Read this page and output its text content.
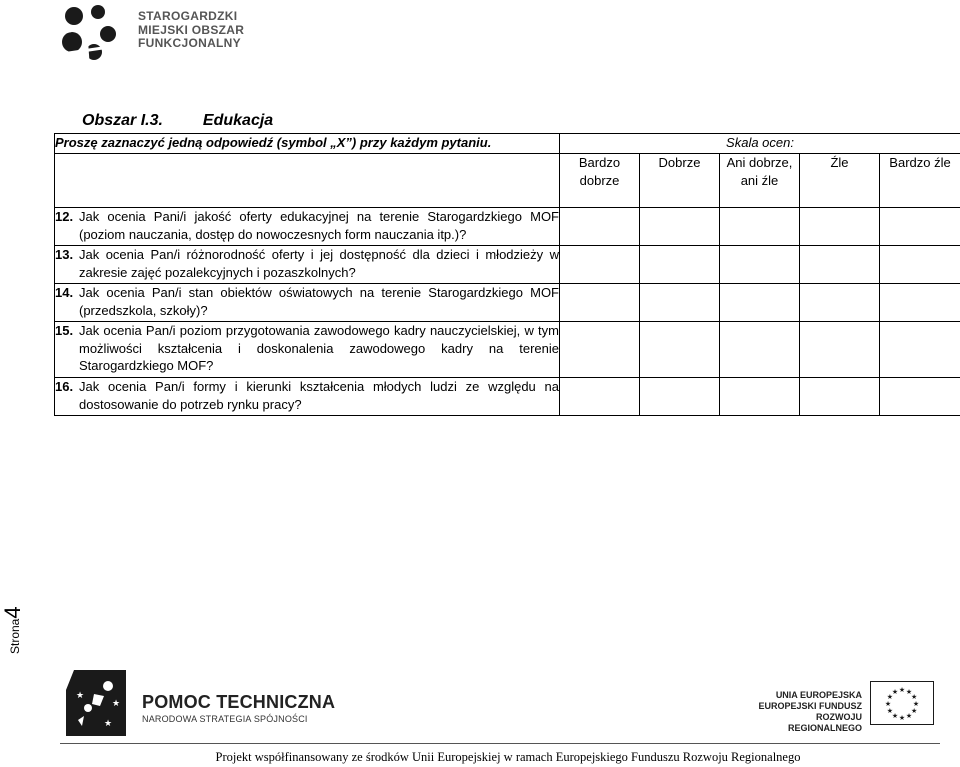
STAROGARDZKI
MIEJSKI OBSZAR
FUNKCJONALNY
Obszar I.3.	Edukacja
Proszę zaznaczyć jedną odpowiedź (symbol „X”) przy każdym pytaniu.	Skala ocen:				
	Bardzo dobrze	Dobrze	Ani dobrze, ani źle	Źle	Bardzo źle

12. Jak ocenia Pani/i jakość oferty edukacyjnej na terenie Starogardzkiego MOF (poziom nauczania, dostęp do nowoczesnych form nauczania itp.)?					

13. Jak ocenia Pan/i różnorodność oferty i jej dostępność dla dzieci i młodzieży w zakresie zajęć pozalekcyjnych i pozaszkolnych?					

14. Jak ocenia Pan/i stan obiektów oświatowych na terenie Starogardzkiego MOF (przedszkola, szkoły)?					

15. Jak ocenia Pan/i poziom przygotowania zawodowego kadry nauczycielskiej, w tym możliwości kształcenia i doskonalenia zawodowego kadry na terenie Starogardzkiego MOF?					

16. Jak ocenia Pan/i formy i kierunki kształcenia młodych ludzi ze względu na dostosowanie do potrzeb rynku pracy?					

Strona4
★
★
★	POMOC TECHNICZNA
NARODOWA STRATEGIA SPÓJNOŚCI
UNIA EUROPEJSKA
EUROPEJSKI FUNDUSZ
ROZWOJU REGIONALNEGO
★ ★
★
★
★
★
★
★
★
★
★
★
Projekt współfinansowany ze środków Unii Europejskiej w ramach Europejskiego Funduszu Rozwoju Regionalnego
